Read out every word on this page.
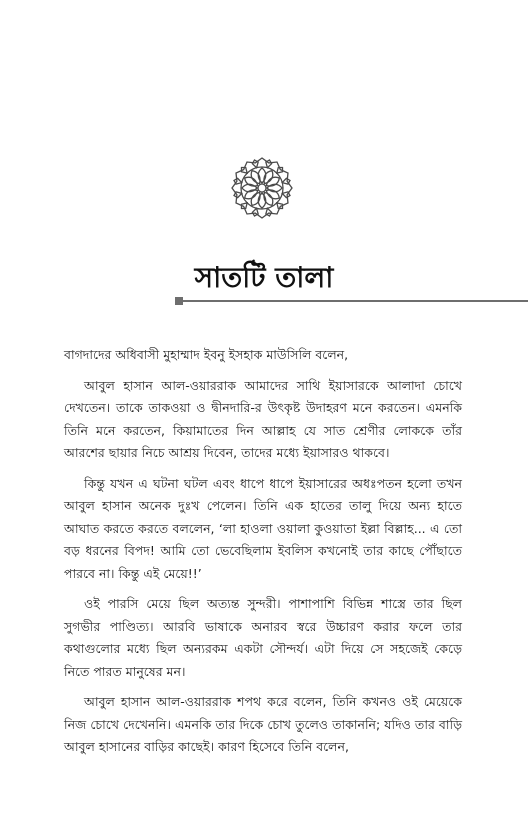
সাতটি তালা

বাগদাদের অধিবাসী মুহাম্মাদ ইবনু ইসহাক মাউসিলি বলেন,

আবুল হাসান আল-ওয়াররাক আমাদের সাথি ইয়াসারকে আলাদা চোখে দেখতেন। তাকে তাকওয়া ও দ্বীনদারি-র উৎকৃষ্ট উদাহরণ মনে করতেন। এমনকি তিনি মনে করতেন, কিয়ামাতের দিন আল্লাহ যে সাত শ্রেণীর লোককে তাঁর আরশের ছায়ার নিচে আশ্রয় দিবেন, তাদের মধ্যে ইয়াসারও থাকবে।

কিন্তু যখন এ ঘটনা ঘটল এবং ধাপে ধাপে ইয়াসারের অধঃপতন হলো তখন আবুল হাসান অনেক দুঃখ পেলেন। তিনি এক হাতের তালু দিয়ে অন্য হাতে আঘাত করতে করতে বললেন, ‘লা হাওলা ওয়ালা কুওয়াতা ইল্লা বিল্লাহ... এ তো বড় ধরনের বিপদ! আমি তো ভেবেছিলাম ইবলিস কখনোই তার কাছে পৌঁছাতে পারবে না। কিন্তু এই মেয়ে!!’

ওই পারসি মেয়ে ছিল অত্যন্ত সুন্দরী। পাশাপাশি বিভিন্ন শাস্ত্রে তার ছিল সুগভীর পাণ্ডিত্য। আরবি ভাষাকে অনারব স্বরে উচ্চারণ করার ফলে তার কথাগুলোর মধ্যে ছিল অন্যরকম একটা সৌন্দর্য। এটা দিয়ে সে সহজেই কেড়ে নিতে পারত মানুষের মন।

আবুল হাসান আল-ওয়াররাক শপথ করে বলেন, তিনি কখনও ওই মেয়েকে নিজ চোখে দেখেননি। এমনকি তার দিকে চোখ তুলেও তাকাননি; যদিও তার বাড়ি আবুল হাসানের বাড়ির কাছেই। কারণ হিসেবে তিনি বলেন,
